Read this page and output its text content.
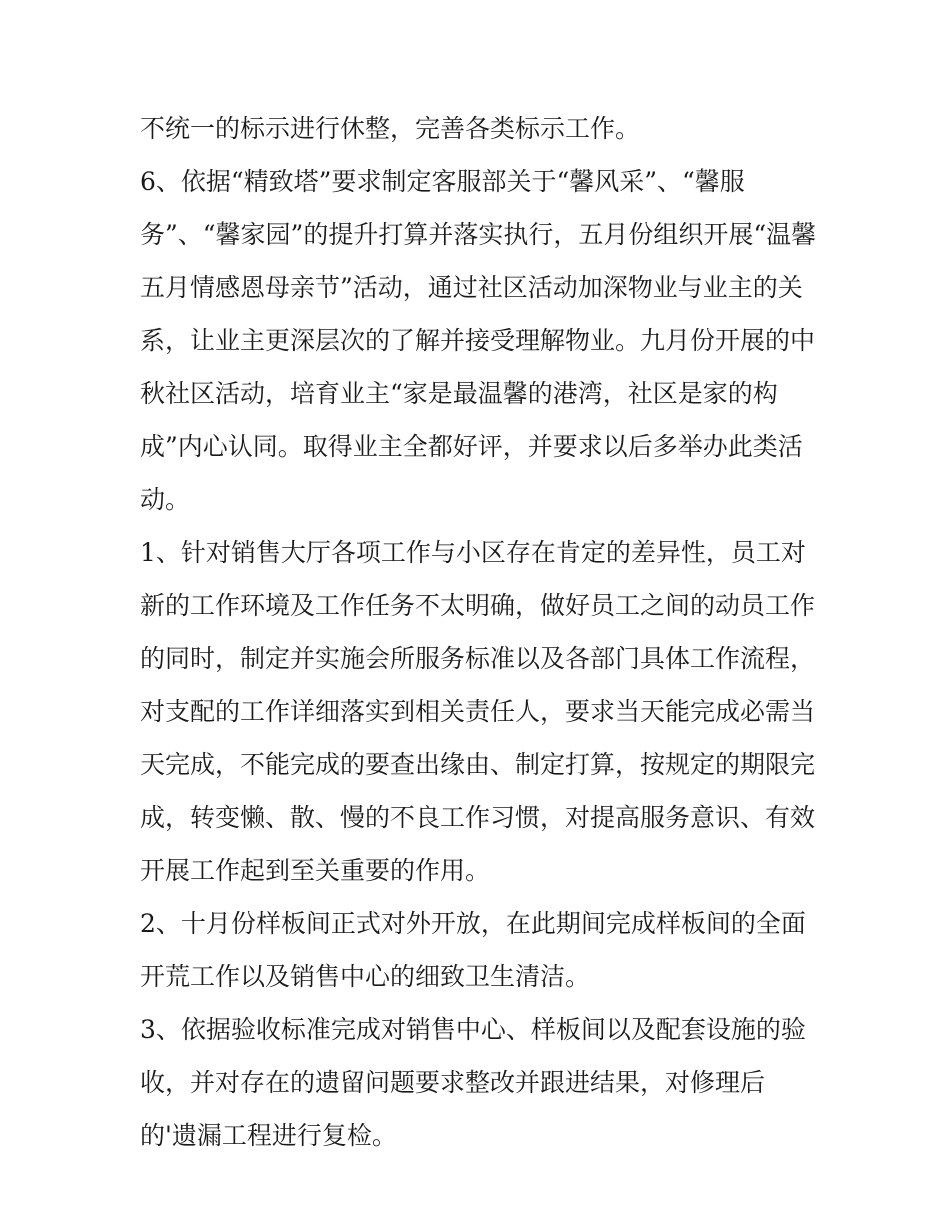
不统一的标示进行休整，完善各类标示工作。
6、依据“精致塔”要求制定客服部关于“馨风采”、“馨服
务”、“馨家园”的提升打算并落实执行，五月份组织开展“温馨
五月情感恩母亲节”活动，通过社区活动加深物业与业主的关
系，让业主更深层次的了解并接受理解物业。九月份开展的中
秋社区活动，培育业主“家是最温馨的港湾，社区是家的构
成”内心认同。取得业主全都好评，并要求以后多举办此类活
动。
1、针对销售大厅各项工作与小区存在肯定的差异性，员工对
新的工作环境及工作任务不太明确，做好员工之间的动员工作
的同时，制定并实施会所服务标准以及各部门具体工作流程，
对支配的工作详细落实到相关责任人，要求当天能完成必需当
天完成，不能完成的要查出缘由、制定打算，按规定的期限完
成，转变懒、散、慢的不良工作习惯，对提高服务意识、有效
开展工作起到至关重要的作用。
2、十月份样板间正式对外开放，在此期间完成样板间的全面
开荒工作以及销售中心的细致卫生清洁。
3、依据验收标准完成对销售中心、样板间以及配套设施的验
收，并对存在的遗留问题要求整改并跟进结果，对修理后
的'遗漏工程进行复检。
